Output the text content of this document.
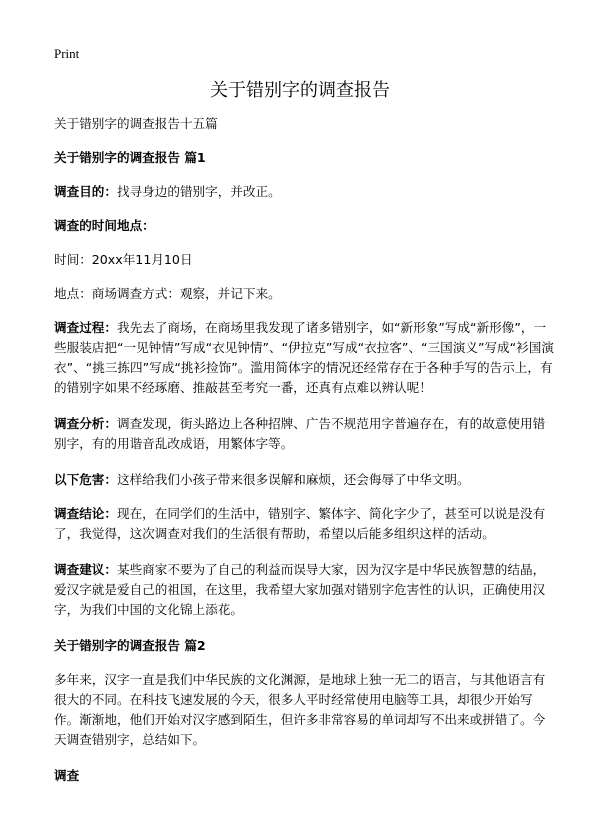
Print
关于错别字的调查报告

关于错别字的调查报告十五篇

关于错别字的调查报告 篇1

调查目的：找寻身边的错别字，并改正。

调查的时间地点：

时间：20xx年11月10日

地点：商场调查方式：观察，并记下来。

调查过程：我先去了商场，在商场里我发现了诸多错别字，如“新形象”写成“新形像”，一些服装店把“一见钟情”写成“衣见钟情”、“伊拉克”写成“衣拉客”、“三国演义”写成“衫国演衣”、“挑三拣四”写成“挑衫捡饰”。滥用简体字的情况还经常存在于各种手写的告示上，有的错别字如果不经琢磨、推敲甚至考究一番，还真有点难以辨认呢！

调查分析：调查发现，街头路边上各种招牌、广告不规范用字普遍存在，有的故意使用错别字，有的用谐音乱改成语，用繁体字等。

以下危害：这样给我们小孩子带来很多误解和麻烦，还会侮辱了中华文明。

调查结论：现在，在同学们的生活中，错别字、繁体字、简化字少了，甚至可以说是没有了，我觉得，这次调查对我们的生活很有帮助，希望以后能多组织这样的活动。

调查建议：某些商家不要为了自己的利益而误导大家，因为汉字是中华民族智慧的结晶，爱汉字就是爱自己的祖国，在这里，我希望大家加强对错别字危害性的认识，正确使用汉字，为我们中国的文化锦上添花。

关于错别字的调查报告 篇2

多年来，汉字一直是我们中华民族的文化渊源，是地球上独一无二的语言，与其他语言有很大的不同。在科技飞速发展的今天，很多人平时经常使用电脑等工具，却很少开始写作。渐渐地，他们开始对汉字感到陌生，但许多非常容易的单词却写不出来或拼错了。今天调查错别字，总结如下。

调查
